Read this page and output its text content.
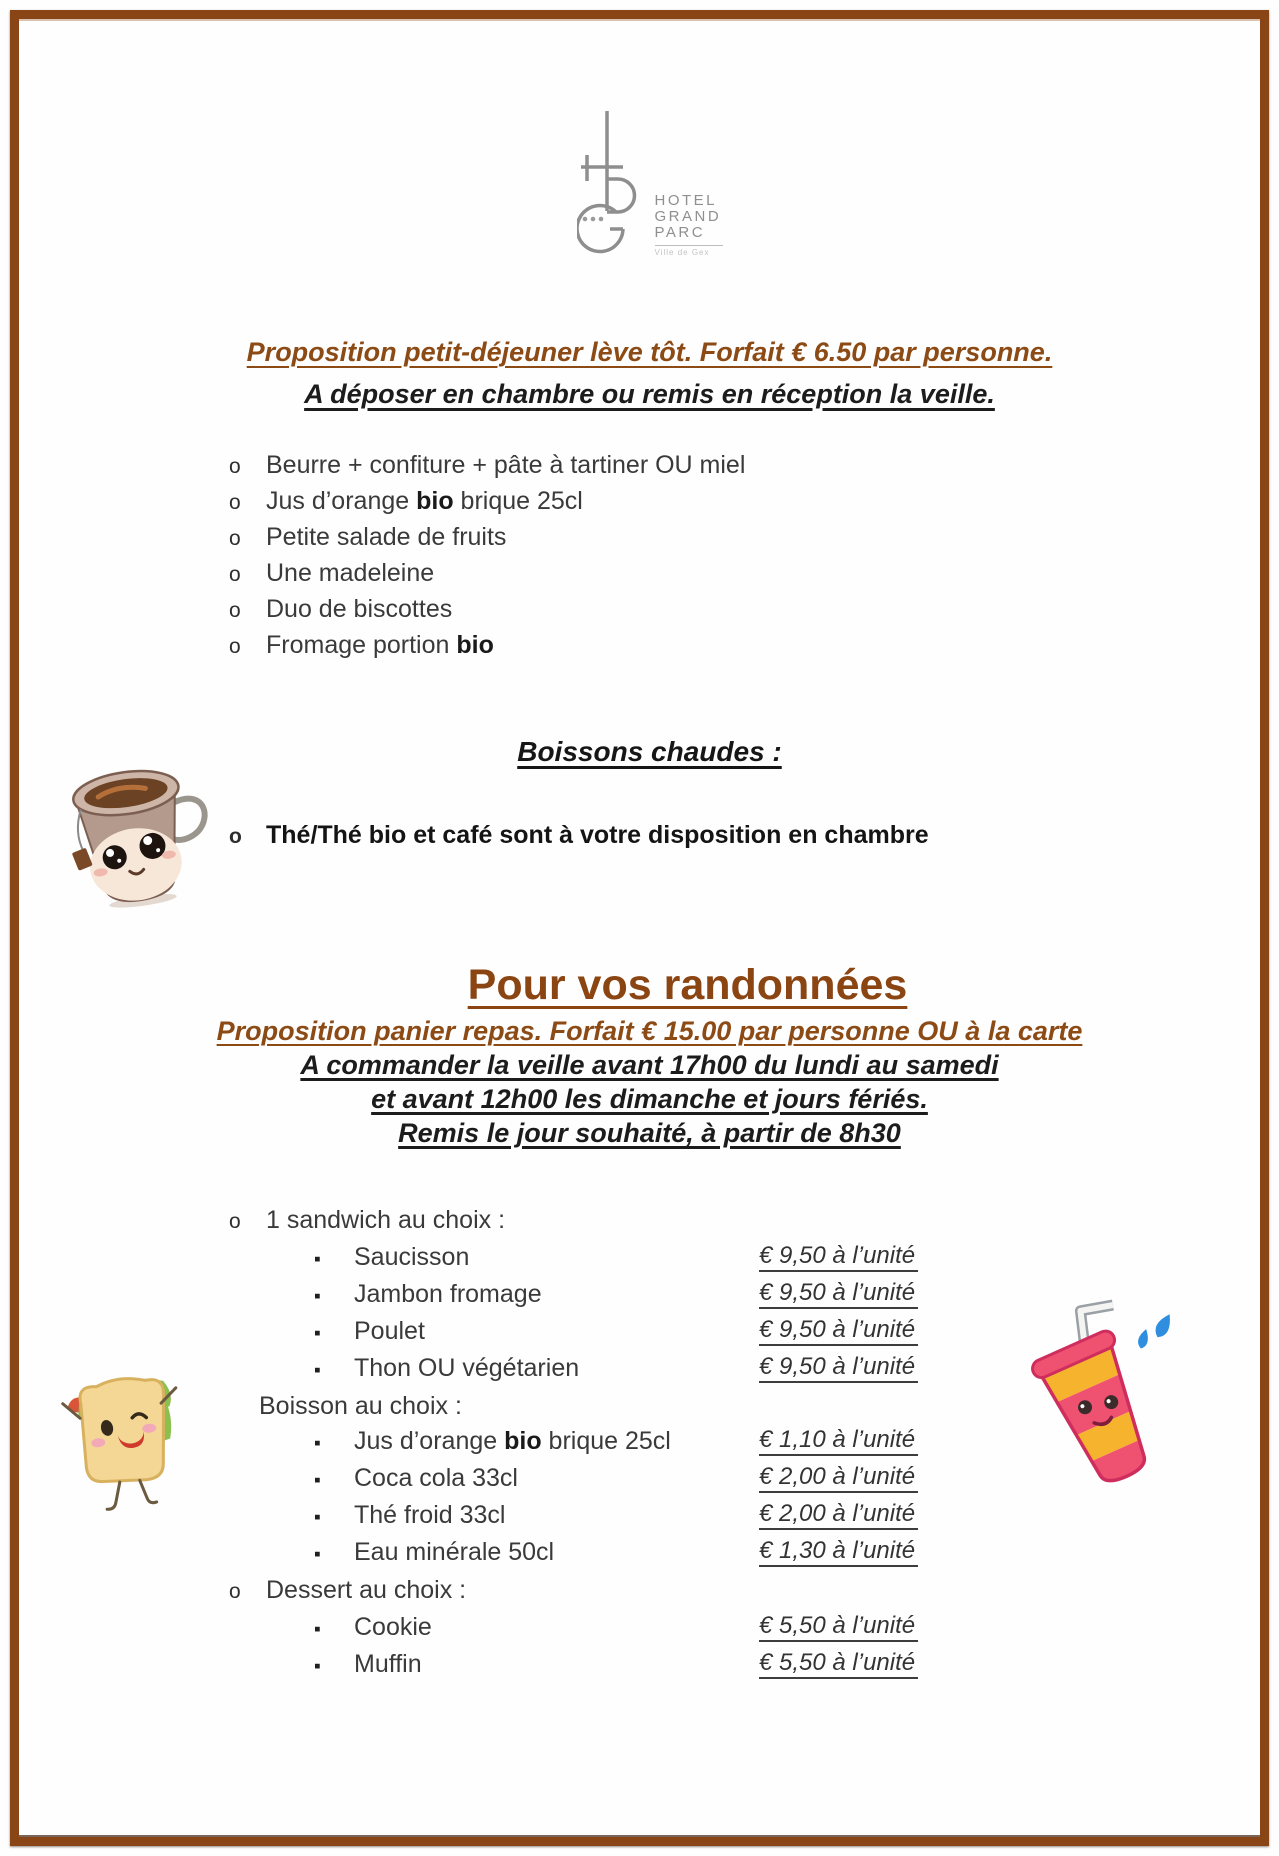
HOTEL
GRAND
PARC
Ville de Gex
Proposition petit-déjeuner lève tôt. Forfait € 6.50 par personne.
A déposer en chambre ou remis en réception la veille.
o Beurre + confiture + pâte à tartiner OU miel
o Jus d’orange bio brique 25cl
o Petite salade de fruits
o Une madeleine
o Duo de biscottes
o Fromage portion bio
Boissons chaudes :
o Thé/Thé bio et café sont à votre disposition en chambre
Pour vos randonnées
Proposition panier repas. Forfait € 15.00 par personne OU à la carte
A commander la veille avant 17h00 du lundi au samedi
et avant 12h00 les dimanche et jours fériés.
Remis le jour souhaité, à partir de 8h30
o 1 sandwich au choix :
▪ Saucisson	€ 9,50 à l’unité
▪ Jambon fromage	€ 9,50 à l’unité
▪ Poulet	€ 9,50 à l’unité
▪ Thon OU végétarien	€ 9,50 à l’unité
Boisson au choix :
▪ Jus d’orange bio brique 25cl	€ 1,10 à l’unité
▪ Coca cola 33cl	€ 2,00 à l’unité
▪ Thé froid 33cl	€ 2,00 à l’unité
▪ Eau minérale 50cl	€ 1,30 à l’unité
o Dessert au choix :
▪ Cookie	€ 5,50 à l’unité
▪ Muffin	€ 5,50 à l’unité
